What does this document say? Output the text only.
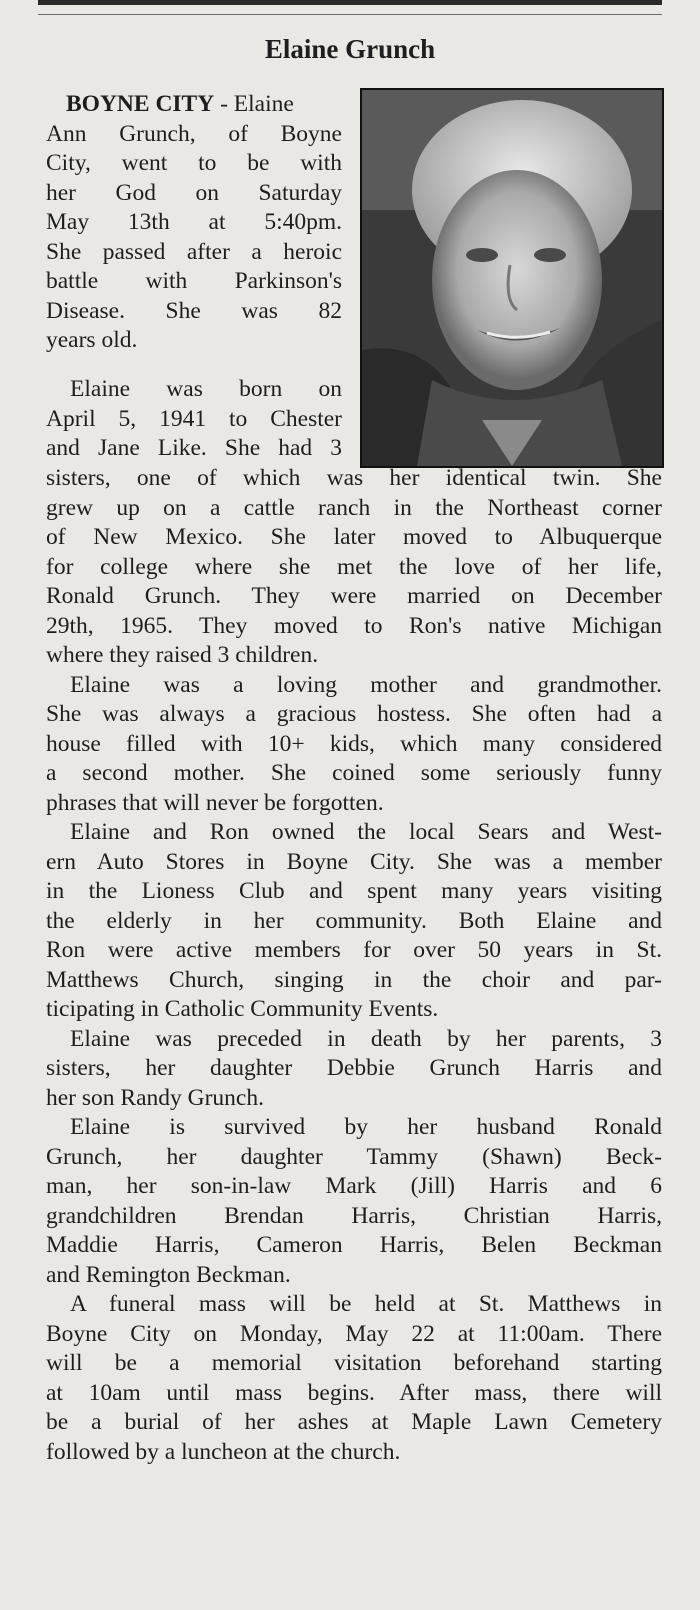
Elaine Grunch

BOYNE CITY - Elaine

Ann Grunch, of Boyne
City, went to be with
her God on Saturday
May 13th at 5:40pm.
She passed after a heroic
battle with Parkinson's
Disease. She was 82
years old.
Elaine was born on
April 5, 1941 to Chester
and Jane Like. She had 3
sisters, one of which was her identical twin. She
grew up on a cattle ranch in the Northeast corner
of New Mexico. She later moved to Albuquerque
for college where she met the love of her life,
Ronald Grunch. They were married on December
29th, 1965. They moved to Ron's native Michigan
where they raised 3 children.
Elaine was a loving mother and grandmother.
She was always a gracious hostess. She often had a
house filled with 10+ kids, which many considered
a second mother. She coined some seriously funny
phrases that will never be forgotten.
Elaine and Ron owned the local Sears and West-
ern Auto Stores in Boyne City. She was a member
in the Lioness Club and spent many years visiting
the elderly in her community. Both Elaine and
Ron were active members for over 50 years in St.
Matthews Church, singing in the choir and par-
ticipating in Catholic Community Events.
Elaine was preceded in death by her parents, 3
sisters, her daughter Debbie Grunch Harris and
her son Randy Grunch.
Elaine is survived by her husband Ronald
Grunch, her daughter Tammy (Shawn) Beck-
man, her son-in-law Mark (Jill) Harris and 6
grandchildren Brendan Harris, Christian Harris,
Maddie Harris, Cameron Harris, Belen Beckman
and Remington Beckman.
A funeral mass will be held at St. Matthews in
Boyne City on Monday, May 22 at 11:00am. There
will be a memorial visitation beforehand starting
at 10am until mass begins. After mass, there will
be a burial of her ashes at Maple Lawn Cemetery
followed by a luncheon at the church.
